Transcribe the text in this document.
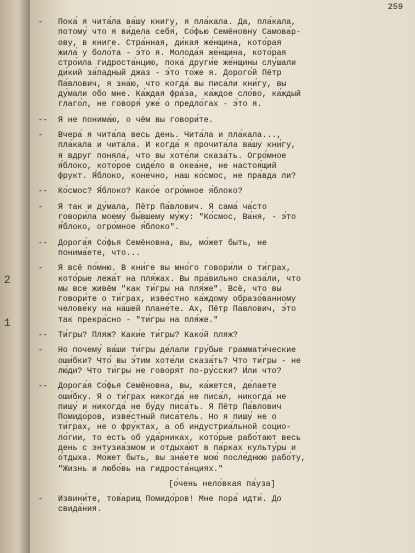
2
1
259
- Пока́ я чита́ла ва́шу книгу, я пла́кала. Да, пла́кала,
потому́ что я ви́дела себя́, Со́фью Семёновну Самова́р-
ову, в книге. Стра́нная, ди́кая же́нщина, кото́рая
жила́ у боло́та - э́то я. Молода́я же́нщина, кото́рая
стро́ила гидроста́нцию, пока́ други́е же́нщины слу́шали
ди́кий за́падный джаз - э́то то́же я. Дорого́й Пётр
Па́влович, я зна́ю, что когда́ вы писа́ли кни́гу, вы
ду́мали обо мне. Ка́ждая фра́за, ка́ждое сло́во, ка́ждый
глаго́л, не говоря́ уже́ о предло́гах - э́то я.
-- Я не понима́ю, о чём вы говори́те.
- Вчера́ я чита́ла весь день. Чита́ла и пла́кала...,
пла́кала и чита́ла. И когда́ я прочита́ла ва́шу кни́гу,
я вдруг поняла́, что вы хоте́ли сказа́ть. Огро́мное
я́блоко, кото́рое сиде́ло в океа́не, не настоя́щий
фрукт. Я́блоко, коне́чно, наш ко́смос, не пра́вда ли?
-- Ко́смос? Я́блоко? Како́е огро́мное я́блоко?
- Я так и ду́мала, Пётр Па́влович. Я сама́ ча́сто
говори́ла моему́ бы́вшему му́жу: "Ко́смос, Ва́ня, - э́то
я́блоко, огро́мное я́блоко".
-- Дорога́я Со́фья Семёновна, вы, мо́жет быть, не
понима́ете, что...
- Я всё по́мню. В кни́ге вы мно́го говори́ли о ти́грах,
кото́рые лежа́т на пля́жах. Вы пра́вильно сказа́ли, что
мы все живём "как ти́гры на пля́же". Всё, что вы
говори́те о ти́грах, изве́стно ка́ждому образо́ванному
челове́ку на на́шей плане́те. Ах, Пётр Па́влович, э́то
так прекра́сно - "ти́гры на пля́же."
-- Ти́гры? Пляж? Каки́е ти́гры? Како́й пляж?
- Но почему́ ва́ши ти́гры де́лали гру́бые граммати́ческие
оши́бки? Что́ вы э́тим хоте́ли сказа́ть? Что ти́гры - не
лю́ди? Что ти́гры не говоря́т по-ру́сски? И́ли что?
-- Дорога́я Со́фья Семёновна, вы, ка́жется, де́лаете
оши́бку. Я о ти́грах никогда́ не писа́л, никогда́ не
пишу́ и никогда́ не бу́ду писа́ть. Я Пётр Па́влович
Помидо́ров, изве́стный писа́тель. Но я пишу́ не о
ти́грах, не о фру́ктах, а об индустриа́льной социо-
ло́гии, то есть об уда́рниках, кото́рые рабо́тают весь
день с энтузиа́змом и отдыха́ют в па́рках культу́ры и
о́тдыха. Мо́жет быть, вы зна́ете мою́ после́днюю рабо́ту,
"Жизнь и любо́вь на гидроста́нциях."
[о́чень нело́вкая па́уза]
- Извини́те, тов́арищ Помидо́ров! Мне пора́ идти́. До
свида́ния.
